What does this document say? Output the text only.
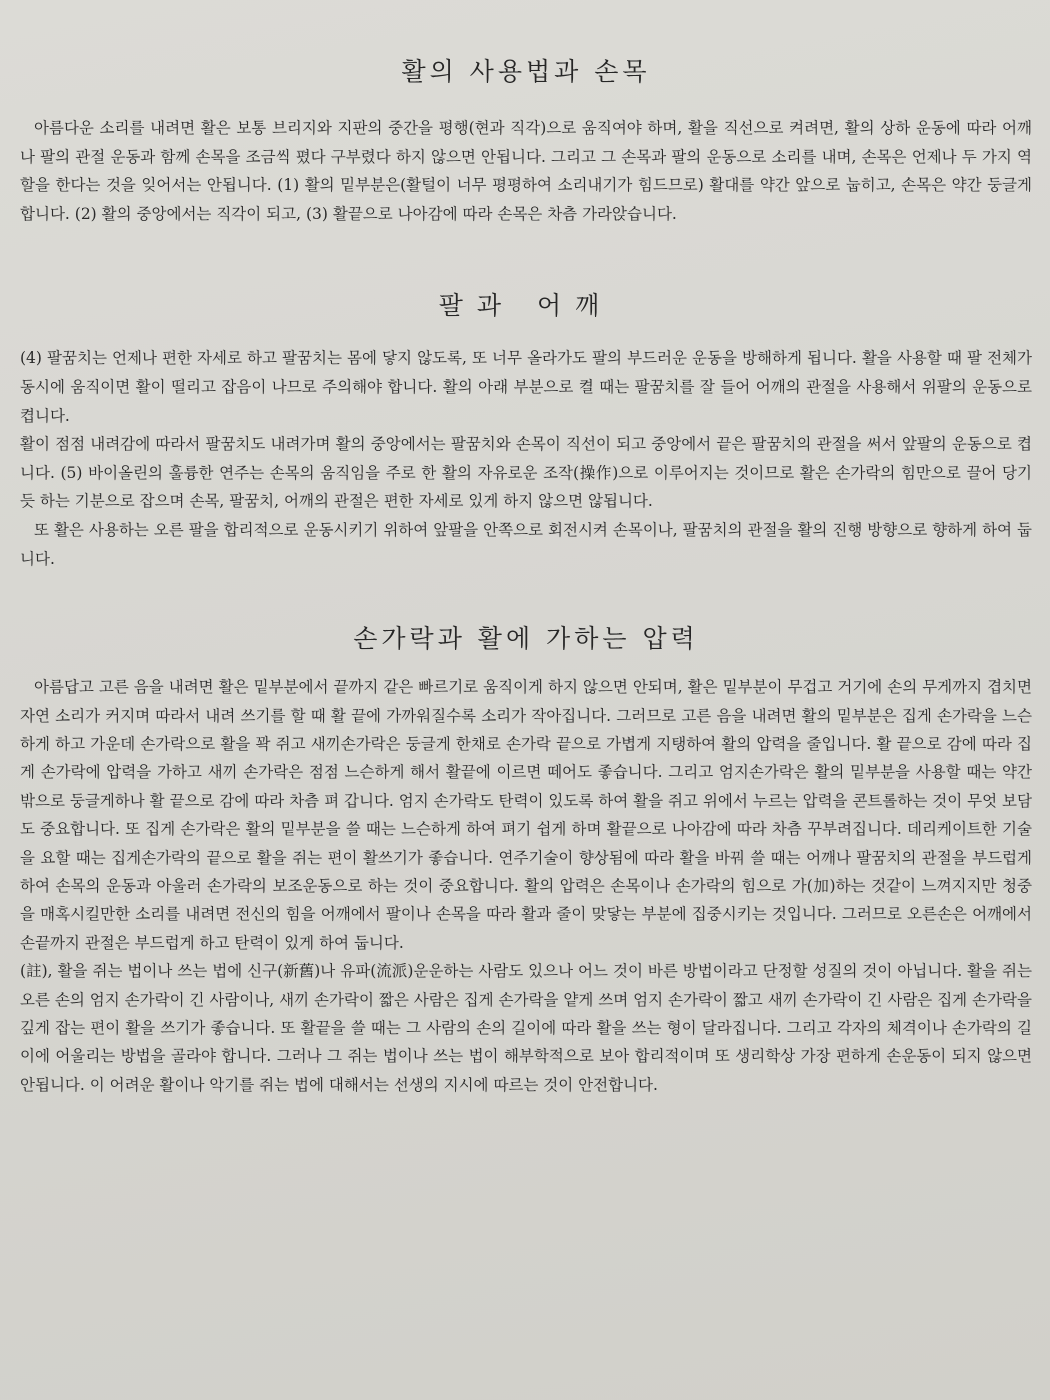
활의 사용법과 손목

아름다운 소리를 내려면 활은 보통 브리지와 지판의 중간을 평행(현과 직각)으로 움직여야 하며, 활을 직선으로 켜려면, 활의 상하 운동에 따라 어깨나 팔의 관절 운동과 함께 손목을 조금씩 폈다 구부렸다 하지 않으면 안됩니다. 그리고 그 손목과 팔의 운동으로 소리를 내며, 손목은 언제나 두 가지 역할을 한다는 것을 잊어서는 안됩니다. (1) 활의 밑부분은(활털이 너무 평평하여 소리내기가 힘드므로) 활대를 약간 앞으로 눕히고, 손목은 약간 둥글게 합니다. (2) 활의 중앙에서는 직각이 되고, (3) 활끝으로 나아감에 따라 손목은 차츰 가라앉습니다.

팔과 어깨

(4) 팔꿈치는 언제나 편한 자세로 하고 팔꿈치는 몸에 닿지 않도록, 또 너무 올라가도 팔의 부드러운 운동을 방해하게 됩니다. 활을 사용할 때 팔 전체가 동시에 움직이면 활이 떨리고 잡음이 나므로 주의해야 합니다. 활의 아래 부분으로 켤 때는 팔꿈치를 잘 들어 어깨의 관절을 사용해서 위팔의 운동으로 켭니다.

활이 점점 내려감에 따라서 팔꿈치도 내려가며 활의 중앙에서는 팔꿈치와 손목이 직선이 되고 중앙에서 끝은 팔꿈치의 관절을 써서 앞팔의 운동으로 켭니다. (5) 바이올린의 훌륭한 연주는 손목의 움직임을 주로 한 활의 자유로운 조작(操作)으로 이루어지는 것이므로 활은 손가락의 힘만으로 끌어 당기듯 하는 기분으로 잡으며 손목, 팔꿈치, 어깨의 관절은 편한 자세로 있게 하지 않으면 않됩니다.

또 활은 사용하는 오른 팔을 합리적으로 운동시키기 위하여 앞팔을 안쪽으로 회전시켜 손목이나, 팔꿈치의 관절을 활의 진행 방향으로 향하게 하여 둡니다.

손가락과 활에 가하는 압력

아름답고 고른 음을 내려면 활은 밑부분에서 끝까지 같은 빠르기로 움직이게 하지 않으면 안되며, 활은 밑부분이 무겁고 거기에 손의 무게까지 겹치면 자연 소리가 커지며 따라서 내려 쓰기를 할 때 활 끝에 가까워질수록 소리가 작아집니다. 그러므로 고른 음을 내려면 활의 밑부분은 집게 손가락을 느슨하게 하고 가운데 손가락으로 활을 꽉 쥐고 새끼손가락은 둥글게 한채로 손가락 끝으로 가볍게 지탱하여 활의 압력을 줄입니다. 활 끝으로 감에 따라 집게 손가락에 압력을 가하고 새끼 손가락은 점점 느슨하게 해서 활끝에 이르면 떼어도 좋습니다. 그리고 엄지손가락은 활의 밑부분을 사용할 때는 약간 밖으로 둥글게하나 활 끝으로 감에 따라 차츰 펴 갑니다. 엄지 손가락도 탄력이 있도록 하여 활을 쥐고 위에서 누르는 압력을 콘트롤하는 것이 무엇 보담도 중요합니다. 또 집게 손가락은 활의 밑부분을 쓸 때는 느슨하게 하여 펴기 쉽게 하며 활끝으로 나아감에 따라 차츰 꾸부려집니다. 데리케이트한 기술을 요할 때는 집게손가락의 끝으로 활을 쥐는 편이 활쓰기가 좋습니다. 연주기술이 향상됨에 따라 활을 바꿔 쓸 때는 어깨나 팔꿈치의 관절을 부드럽게 하여 손목의 운동과 아울러 손가락의 보조운동으로 하는 것이 중요합니다. 활의 압력은 손목이나 손가락의 힘으로 가(加)하는 것같이 느껴지지만 청중을 매혹시킬만한 소리를 내려면 전신의 힘을 어깨에서 팔이나 손목을 따라 활과 줄이 맞닿는 부분에 집중시키는 것입니다. 그러므로 오른손은 어깨에서 손끝까지 관절은 부드럽게 하고 탄력이 있게 하여 둡니다.

(註), 활을 쥐는 법이나 쓰는 법에 신구(新舊)나 유파(流派)운운하는 사람도 있으나 어느 것이 바른 방법이라고 단정할 성질의 것이 아닙니다. 활을 쥐는 오른 손의 엄지 손가락이 긴 사람이나, 새끼 손가락이 짧은 사람은 집게 손가락을 얕게 쓰며 엄지 손가락이 짧고 새끼 손가락이 긴 사람은 집게 손가락을 깊게 잡는 편이 활을 쓰기가 좋습니다. 또 활끝을 쓸 때는 그 사람의 손의 길이에 따라 활을 쓰는 형이 달라집니다. 그리고 각자의 체격이나 손가락의 길이에 어울리는 방법을 골라야 합니다. 그러나 그 쥐는 법이나 쓰는 법이 해부학적으로 보아 합리적이며 또 생리학상 가장 편하게 손운동이 되지 않으면 안됩니다. 이 어려운 활이나 악기를 쥐는 법에 대해서는 선생의 지시에 따르는 것이 안전합니다.
